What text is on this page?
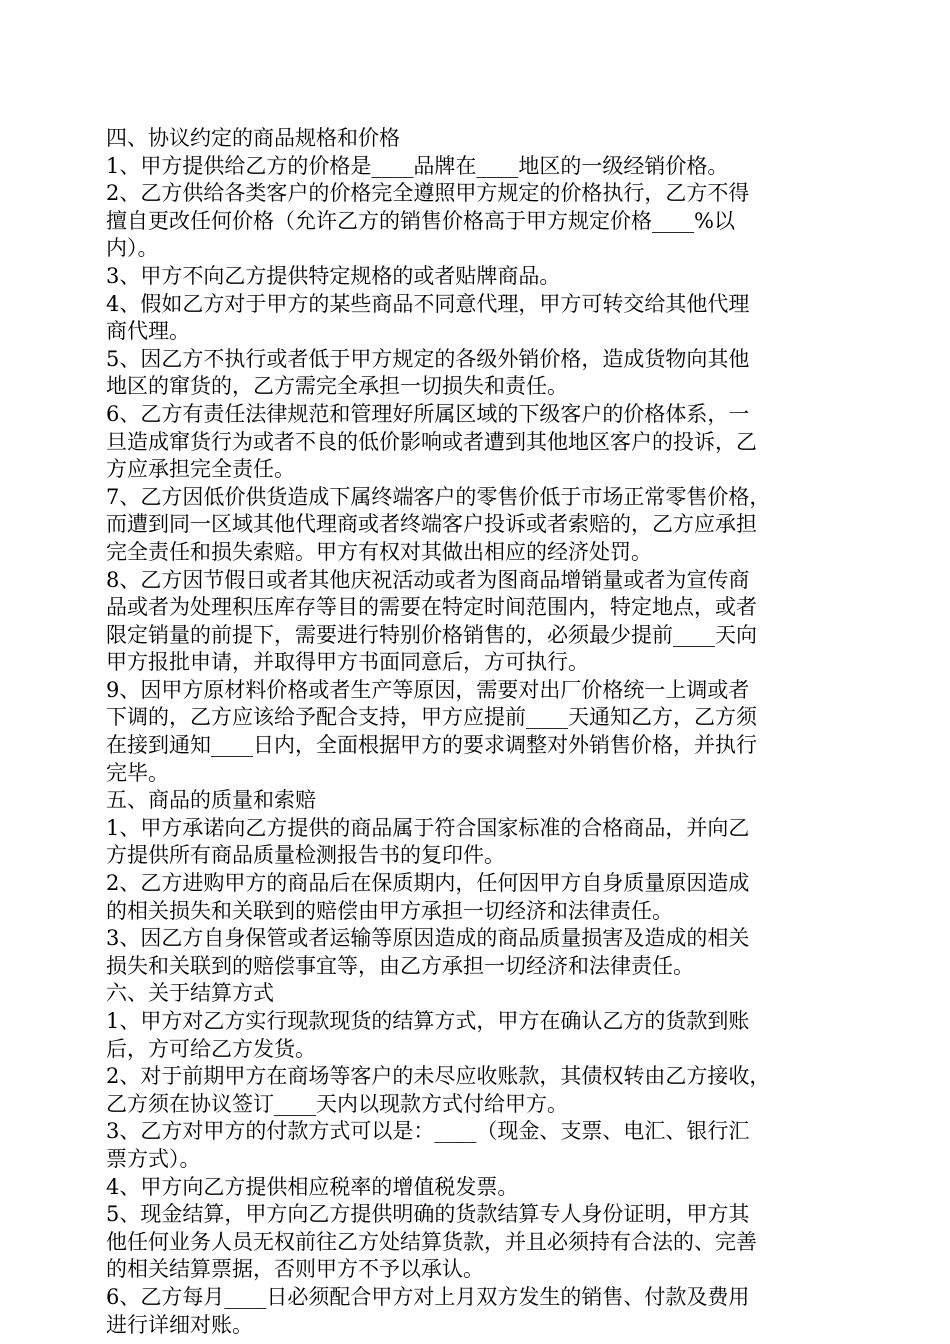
四、协议约定的商品规格和价格
1、甲方提供给乙方的价格是____品牌在____地区的一级经销价格。
2、乙方供给各类客户的价格完全遵照甲方规定的价格执行，乙方不得
擅自更改任何价格（允许乙方的销售价格高于甲方规定价格____%以
内）。
3、甲方不向乙方提供特定规格的或者贴牌商品。
4、假如乙方对于甲方的某些商品不同意代理，甲方可转交给其他代理
商代理。
5、因乙方不执行或者低于甲方规定的各级外销价格，造成货物向其他
地区的窜货的，乙方需完全承担一切损失和责任。
6、乙方有责任法律规范和管理好所属区域的下级客户的价格体系，一
旦造成窜货行为或者不良的低价影响或者遭到其他地区客户的投诉，乙
方应承担完全责任。
7、乙方因低价供货造成下属终端客户的零售价低于市场正常零售价格，
而遭到同一区域其他代理商或者终端客户投诉或者索赔的，乙方应承担
完全责任和损失索赔。甲方有权对其做出相应的经济处罚。
8、乙方因节假日或者其他庆祝活动或者为图商品增销量或者为宣传商
品或者为处理积压库存等目的需要在特定时间范围内，特定地点，或者
限定销量的前提下，需要进行特别价格销售的，必须最少提前____天向
甲方报批申请，并取得甲方书面同意后，方可执行。
9、因甲方原材料价格或者生产等原因，需要对出厂价格统一上调或者
下调的，乙方应该给予配合支持，甲方应提前____天通知乙方，乙方须
在接到通知____日内，全面根据甲方的要求调整对外销售价格，并执行
完毕。
五、商品的质量和索赔
1、甲方承诺向乙方提供的商品属于符合国家标准的合格商品，并向乙
方提供所有商品质量检测报告书的复印件。
2、乙方进购甲方的商品后在保质期内，任何因甲方自身质量原因造成
的相关损失和关联到的赔偿由甲方承担一切经济和法律责任。
3、因乙方自身保管或者运输等原因造成的商品质量损害及造成的相关
损失和关联到的赔偿事宜等，由乙方承担一切经济和法律责任。
六、关于结算方式
1、甲方对乙方实行现款现货的结算方式，甲方在确认乙方的货款到账
后，方可给乙方发货。
2、对于前期甲方在商场等客户的未尽应收账款，其债权转由乙方接收，
乙方须在协议签订____天内以现款方式付给甲方。
3、乙方对甲方的付款方式可以是：____（现金、支票、电汇、银行汇
票方式）。
4、甲方向乙方提供相应税率的增值税发票。
5、现金结算，甲方向乙方提供明确的货款结算专人身份证明，甲方其
他任何业务人员无权前往乙方处结算货款，并且必须持有合法的、完善
的相关结算票据，否则甲方不予以承认。
6、乙方每月____日必须配合甲方对上月双方发生的销售、付款及费用
进行详细对账。
